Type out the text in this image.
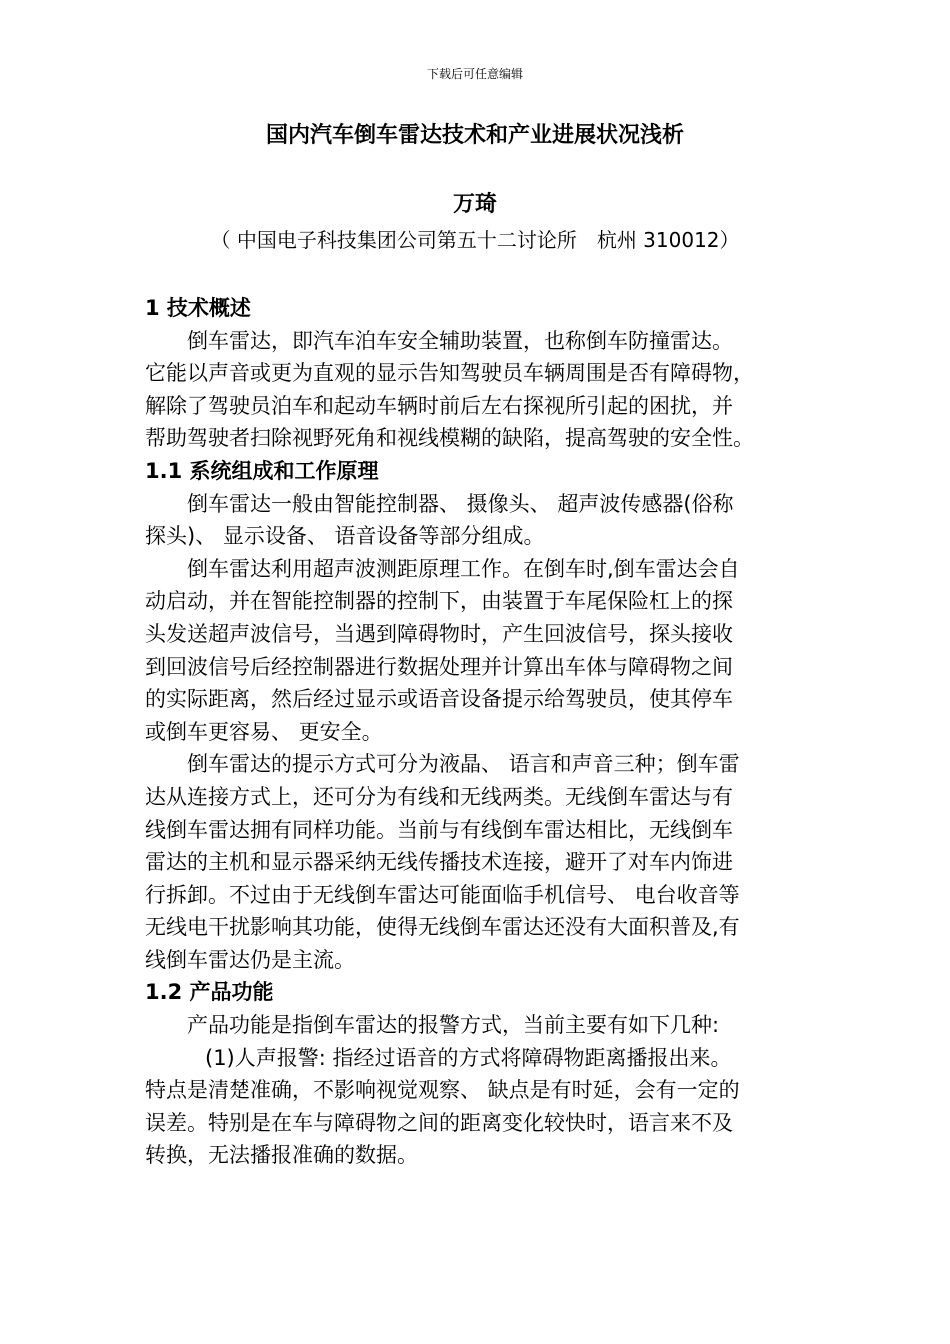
下载后可任意编辑
国内汽车倒车雷达技术和产业进展状况浅析
万琦
（ 中国电子科技集团公司第五十二讨论所　杭州 310012）
1 技术概述
倒车雷达，即汽车泊车安全辅助装置，也称倒车防撞雷达。
它能以声音或更为直观的显示告知驾驶员车辆周围是否有障碍物，
解除了驾驶员泊车和起动车辆时前后左右探视所引起的困扰，并
帮助驾驶者扫除视野死角和视线模糊的缺陷，提高驾驶的安全性。
1.1 系统组成和工作原理
倒车雷达一般由智能控制器、 摄像头、 超声波传感器(俗称
探头)、 显示设备、 语音设备等部分组成。
倒车雷达利用超声波测距原理工作。在倒车时,倒车雷达会自
动启动，并在智能控制器的控制下，由装置于车尾保险杠上的探
头发送超声波信号，当遇到障碍物时，产生回波信号，探头接收
到回波信号后经控制器进行数据处理并计算出车体与障碍物之间
的实际距离，然后经过显示或语音设备提示给驾驶员，使其停车
或倒车更容易、 更安全。
倒车雷达的提示方式可分为液晶、 语言和声音三种；倒车雷
达从连接方式上，还可分为有线和无线两类。无线倒车雷达与有
线倒车雷达拥有同样功能。当前与有线倒车雷达相比，无线倒车
雷达的主机和显示器采纳无线传播技术连接，避开了对车内饰进
行拆卸。不过由于无线倒车雷达可能面临手机信号、 电台收音等
无线电干扰影响其功能，使得无线倒车雷达还没有大面积普及,有
线倒车雷达仍是主流。
1.2 产品功能
产品功能是指倒车雷达的报警方式，当前主要有如下几种:
(1)人声报警: 指经过语音的方式将障碍物距离播报出来。
特点是清楚准确，不影响视觉观察、 缺点是有时延，会有一定的
误差。特别是在车与障碍物之间的距离变化较快时，语言来不及
转换，无法播报准确的数据。
